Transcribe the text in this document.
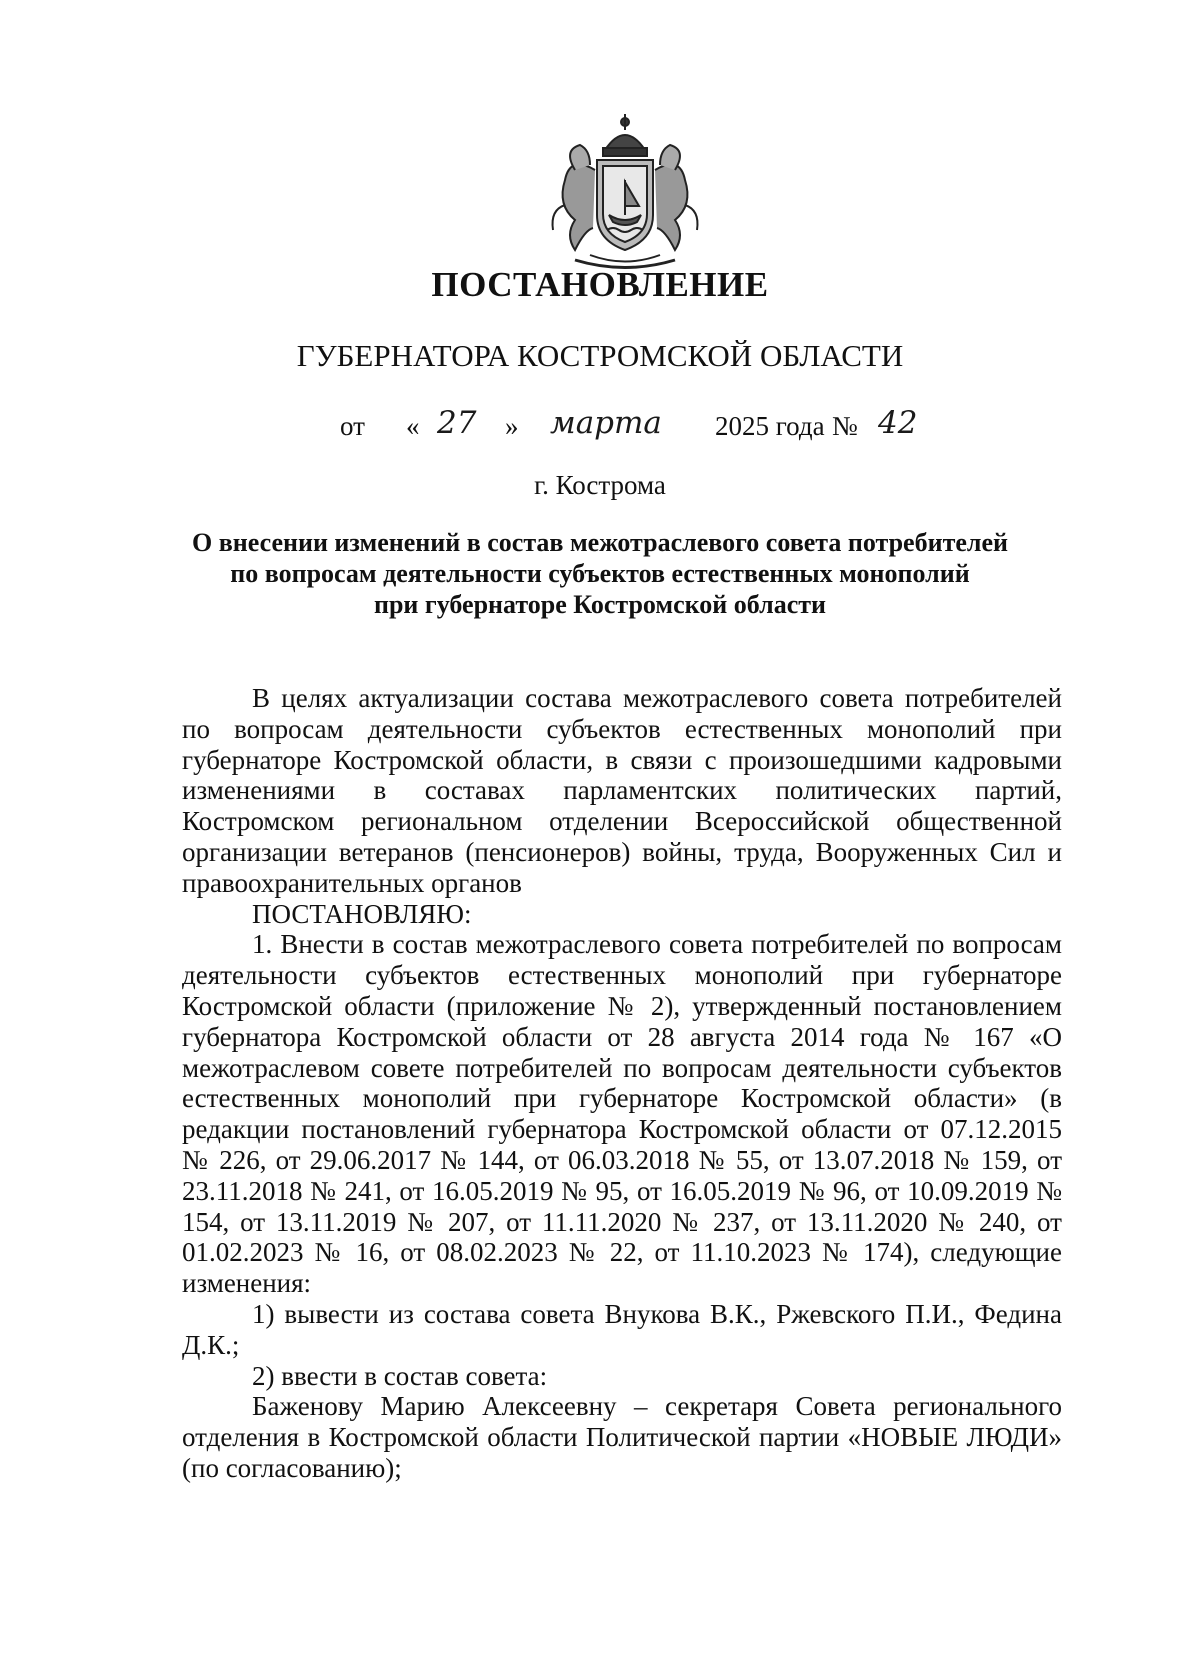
ПОСТАНОВЛЕНИЕ
ГУБЕРНАТОРА КОСТРОМСКОЙ ОБЛАСТИ
от « 27 » марта 2025 года № 42
г. Кострома
О внесении изменений в состав межотраслевого совета потребителей
по вопросам деятельности субъектов естественных монополий
при губернаторе Костромской области

В целях актуализации состава межотраслевого совета потребителей по вопросам деятельности субъектов естественных монополий при губернаторе Костромской области, в связи с произошедшими кадровыми изменениями в составах парламентских политических партий, Костромском региональном отделении Всероссийской общественной организации ветеранов (пенсионеров) войны, труда, Вооруженных Сил и правоохранительных органов

ПОСТАНОВЛЯЮ:

1. Внести в состав межотраслевого совета потребителей по вопросам деятельности субъектов естественных монополий при губернаторе Костромской области (приложение № 2), утвержденный постановлением губернатора Костромской области от 28 августа 2014 года № 167 «О межотраслевом совете потребителей по вопросам деятельности субъектов естественных монополий при губернаторе Костромской области» (в редакции постановлений губернатора Костромской области от 07.12.2015 № 226, от 29.06.2017 № 144, от 06.03.2018 № 55, от 13.07.2018 № 159, от 23.11.2018 № 241, от 16.05.2019 № 95, от 16.05.2019 № 96, от 10.09.2019 № 154, от 13.11.2019 № 207, от 11.11.2020 № 237, от 13.11.2020 № 240, от 01.02.2023 № 16, от 08.02.2023 № 22, от 11.10.2023 № 174), следующие изменения:

1) вывести из состава совета Внукова В.К., Ржевского П.И., Федина Д.К.;

2) ввести в состав совета:

Баженову Марию Алексеевну – секретаря Совета регионального отделения в Костромской области Политической партии «НОВЫЕ ЛЮДИ» (по согласованию);
